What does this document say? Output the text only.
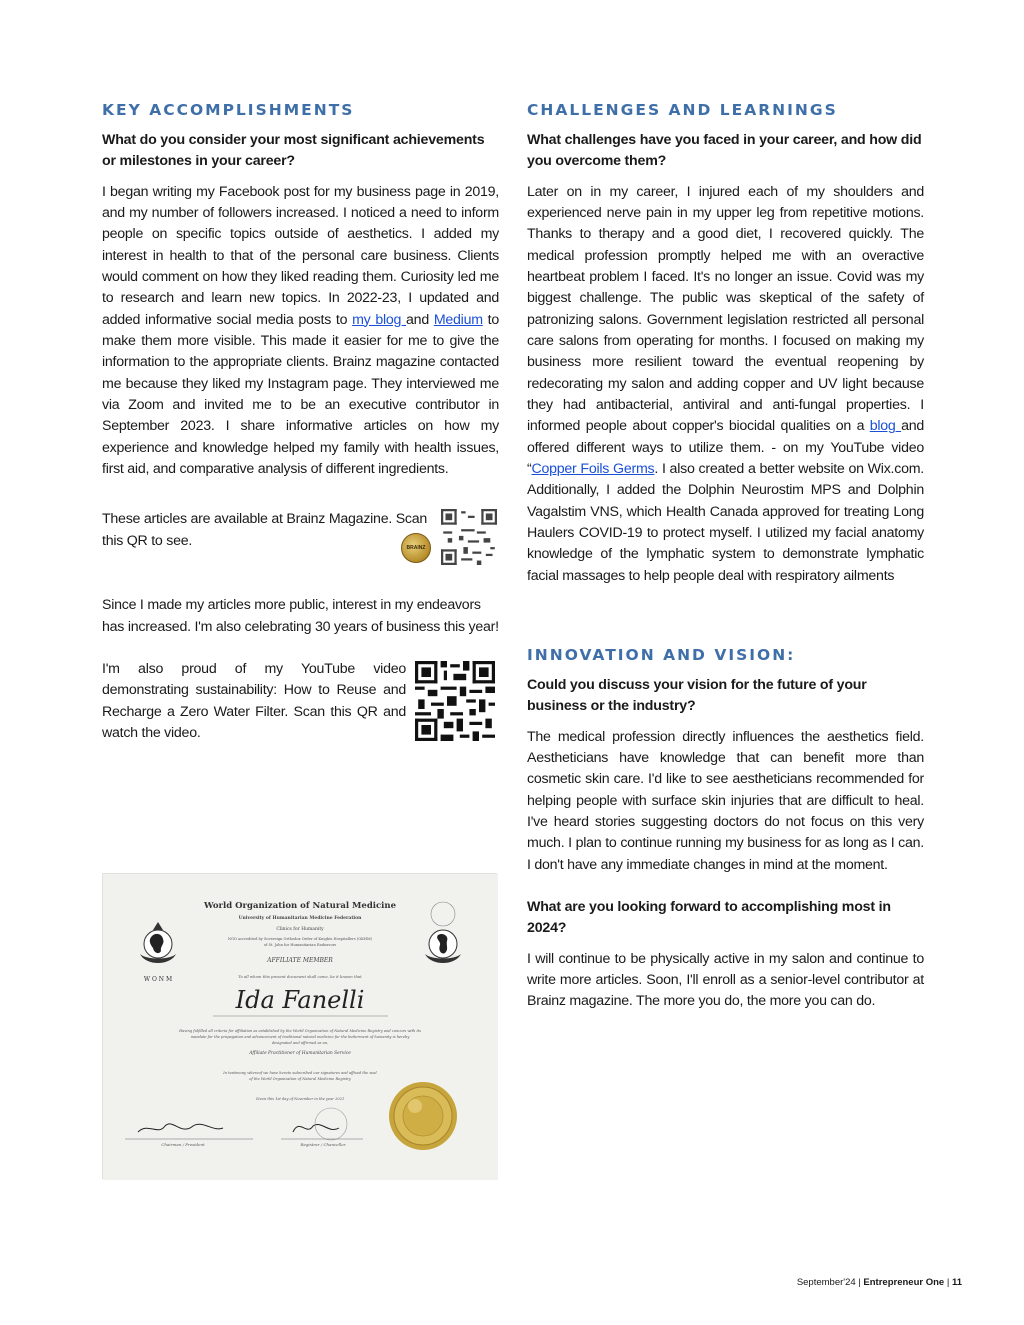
KEY ACCOMPLISHMENTS

What do you consider your most significant achievements or milestones in your career?

I began writing my Facebook post for my business page in 2019, and my number of followers increased. I noticed a need to inform people on specific topics outside of aesthetics. I added my interest in health to that of the personal care business. Clients would comment on how they liked reading them. Curiosity led me to research and learn new topics. In 2022-23, I updated and added informative social media posts to my blog and Medium to make them more visible. This made it easier for me to give the information to the appropriate clients. Brainz magazine contacted me because they liked my Instagram page. They interviewed me via Zoom and invited me to be an executive contributor in September 2023. I share informative articles on how my experience and knowledge helped my family with health issues, first aid, and comparative analysis of different ingredients.

These articles are available at Brainz Magazine. Scan this QR to see.	BRAINZ

Since I made my articles more public, interest in my endeavors has increased. I'm also celebrating 30 years of business this year!

I'm also proud of my YouTube video demonstrating sustainability: How to Reuse and Recharge a Zero Water Filter. Scan this QR and watch the video.

W O N M
World Organization of Natural Medicine
University of Humanitarian Medicine Federation
Clinics for Humanity
NGO accredited by Sovereign Orthodox Order of Knights Hospitallers (OKHM)
of St. John for Humanitarian Endeavors
AFFILIATE MEMBER
To all whom this present document shall come, be it known that
Ida Fanelli
Having fulfilled all criteria for affiliation as established by the World Organization of Natural Medicine Registry and concurs with its
mandate for the propagation and advancement of traditional natural medicine for the betterment of humanity is hereby
designated and affirmed as an,
Affiliate Practitioner of Humanitarian Service
In testimony whereof we have hereto subscribed our signatures and affixed the seal
of the World Organization of Natural Medicine Registry
Given this 1st day of November in the year 2021
Chairman / President	Registrar / Chancellor
CHALLENGES AND LEARNINGS

What challenges have you faced in your career, and how did you overcome them?

Later on in my career, I injured each of my shoulders and experienced nerve pain in my upper leg from repetitive motions. Thanks to therapy and a good diet, I recovered quickly. The medical profession promptly helped me with an overactive heartbeat problem I faced. It's no longer an issue. Covid was my biggest challenge. The public was skeptical of the safety of patronizing salons. Government legislation restricted all personal care salons from operating for months. I focused on making my business more resilient toward the eventual reopening by redecorating my salon and adding copper and UV light because they had antibacterial, antiviral and anti-fungal properties. I informed people about copper's biocidal qualities on a blog and offered different ways to utilize them. - on my YouTube video “Copper Foils Germs. I also created a better website on Wix.com. Additionally, I added the Dolphin Neurostim MPS and Dolphin Vagalstim VNS, which Health Canada approved for treating Long Haulers COVID-19 to protect myself. I utilized my facial anatomy knowledge of the lymphatic system to demonstrate lymphatic facial massages to help people deal with respiratory ailments

INNOVATION AND VISION:

Could you discuss your vision for the future of your business or the industry?

The medical profession directly influences the aesthetics field. Aestheticians have knowledge that can benefit more than cosmetic skin care. I'd like to see aestheticians recommended for helping people with surface skin injuries that are difficult to heal. I've heard stories suggesting doctors do not focus on this very much. I plan to continue running my business for as long as I can. I don't have any immediate changes in mind at the moment.

What are you looking forward to accomplishing most in 2024?

I will continue to be physically active in my salon and continue to write more articles. Soon, I'll enroll as a senior-level contributor at Brainz magazine. The more you do, the more you can do.

September'24 | Entrepreneur One | 11
